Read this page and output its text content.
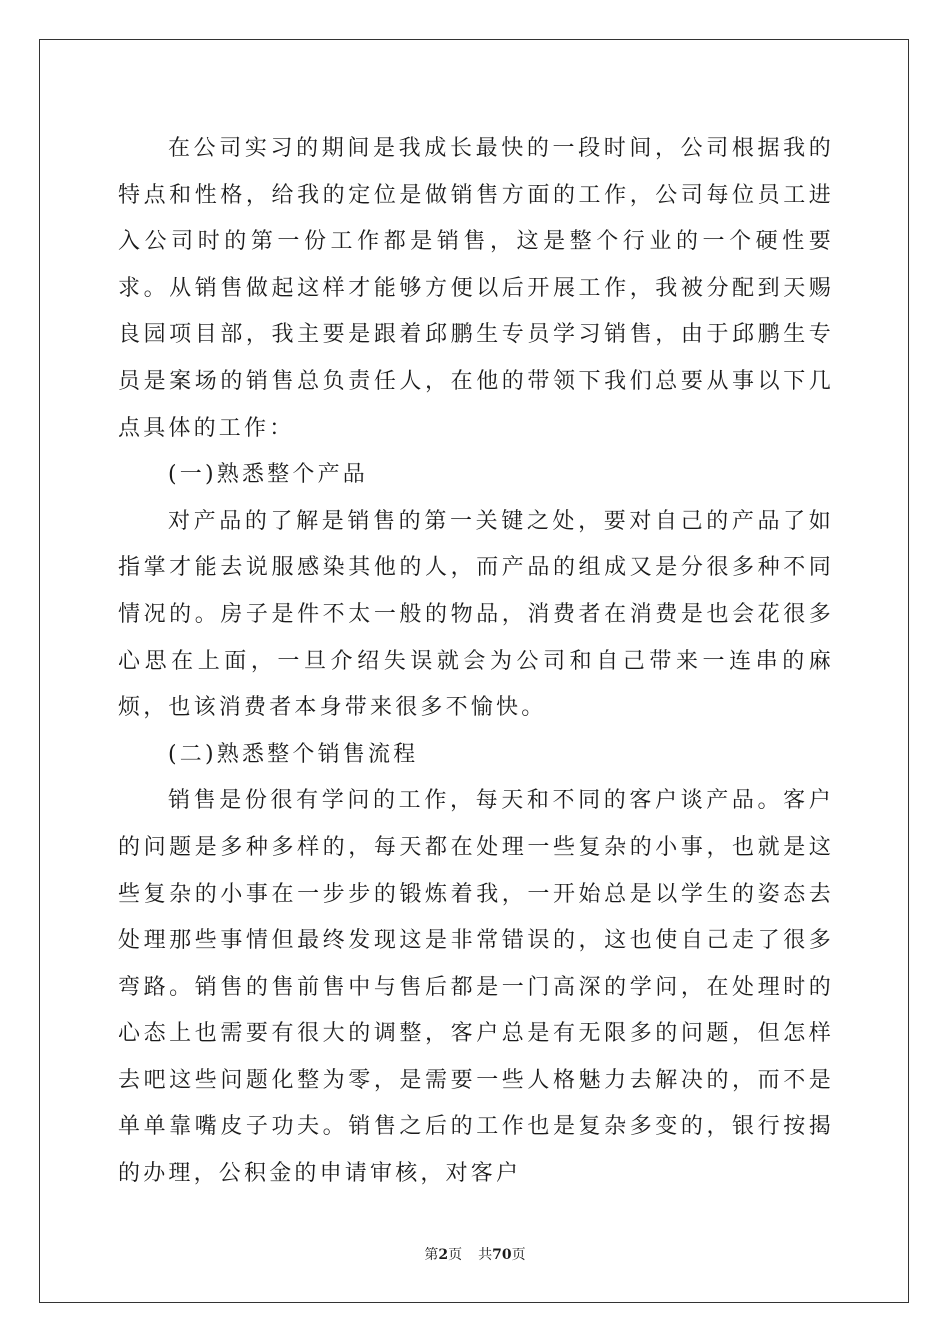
在公司实习的期间是我成长最快的一段时间，公司根据我的特点和性格，给我的定位是做销售方面的工作，公司每位员工进入公司时的第一份工作都是销售，这是整个行业的一个硬性要求。从销售做起这样才能够方便以后开展工作，我被分配到天赐良园项目部，我主要是跟着邱鹏生专员学习销售，由于邱鹏生专员是案场的销售总负责任人，在他的带领下我们总要从事以下几点具体的工作：

(一)熟悉整个产品

对产品的了解是销售的第一关键之处，要对自己的产品了如指掌才能去说服感染其他的人，而产品的组成又是分很多种不同情况的。房子是件不太一般的物品，消费者在消费是也会花很多心思在上面，一旦介绍失误就会为公司和自己带来一连串的麻烦，也该消费者本身带来很多不愉快。

(二)熟悉整个销售流程

销售是份很有学问的工作，每天和不同的客户谈产品。客户的问题是多种多样的，每天都在处理一些复杂的小事，也就是这些复杂的小事在一步步的锻炼着我，一开始总是以学生的姿态去处理那些事情但最终发现这是非常错误的，这也使自己走了很多弯路。销售的售前售中与售后都是一门高深的学问，在处理时的心态上也需要有很大的调整，客户总是有无限多的问题，但怎样去吧这些问题化整为零，是需要一些人格魅力去解决的，而不是单单靠嘴皮子功夫。销售之后的工作也是复杂多变的，银行按揭的办理，公积金的申请审核，对客户

第2页 共70页
